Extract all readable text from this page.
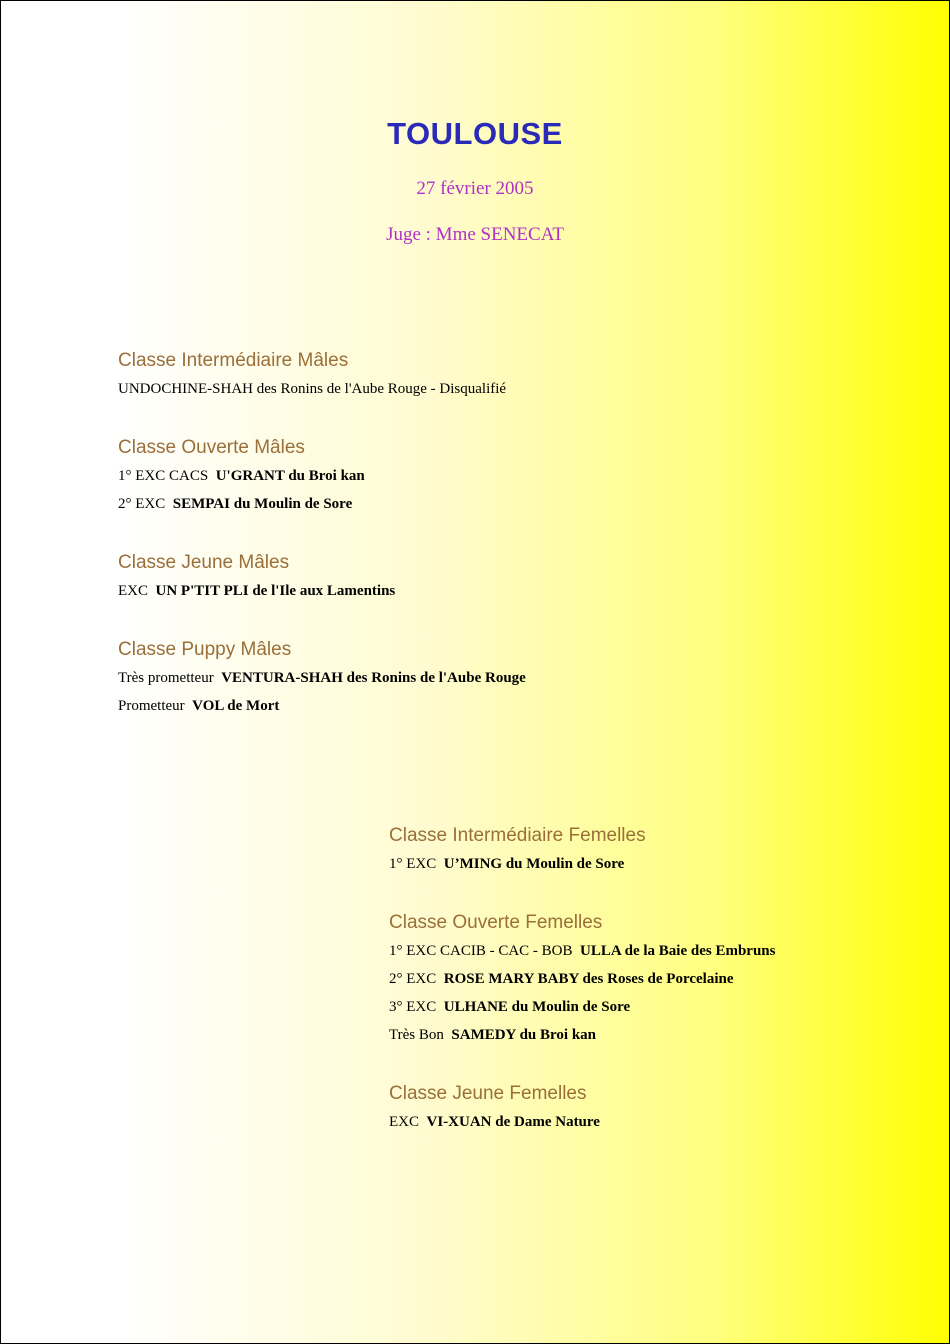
TOULOUSE
27 février 2005
Juge : Mme SENECAT
Classe Intermédiaire Mâles
UNDOCHINE-SHAH des Ronins de l'Aube Rouge - Disqualifié
Classe Ouverte Mâles
1° EXC CACS U'GRANT du Broi kan
2° EXC SEMPAI du Moulin de Sore
Classe Jeune Mâles
EXC UN P'TIT PLI de l'Ile aux Lamentins
Classe Puppy Mâles
Très prometteur VENTURA-SHAH des Ronins de l'Aube Rouge
Prometteur VOL de Mort
Classe Intermédiaire Femelles
1° EXC U’MING du Moulin de Sore
Classe Ouverte Femelles
1° EXC CACIB - CAC - BOB ULLA de la Baie des Embruns
2° EXC ROSE MARY BABY des Roses de Porcelaine
3° EXC ULHANE du Moulin de Sore
Très Bon SAMEDY du Broi kan
Classe Jeune Femelles
EXC VI-XUAN de Dame Nature
